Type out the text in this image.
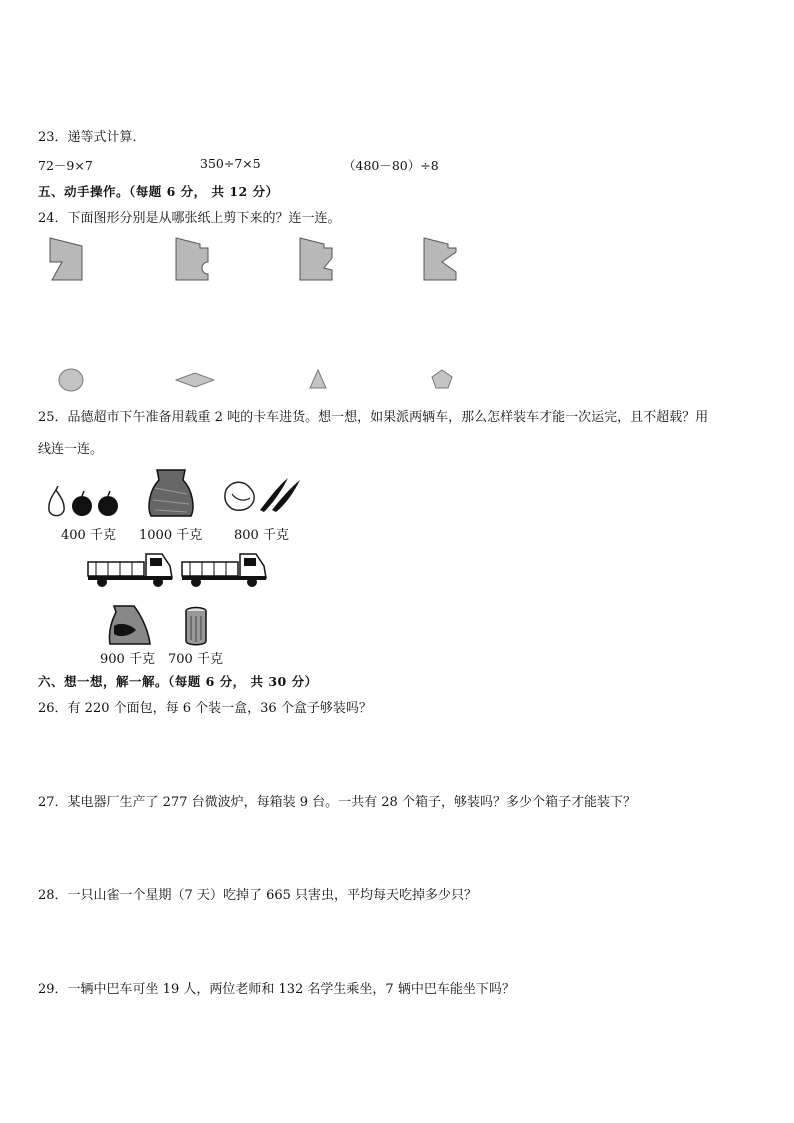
23．递等式计算．
72－9×7	350÷7×5	（480－80）÷8
五、动手操作。（每题 6 分， 共 12 分）
24．下面图形分别是从哪张纸上剪下来的？连一连。
25．品德超市下午准备用载重 2 吨的卡车进货。想一想，如果派两辆车，那么怎样装车才能一次运完，且不超载？用
线连一连。
400 千克 1000 千克 800 千克
900 千克 700 千克
六、想一想，解一解。（每题 6 分， 共 30 分）
26．有 220 个面包，每 6 个装一盒，36 个盒子够装吗？
27．某电器厂生产了 277 台微波炉，每箱装 9 台。一共有 28 个箱子，够装吗？多少个箱子才能装下？
28．一只山雀一个星期（7 天）吃掉了 665 只害虫，平均每天吃掉多少只？
29．一辆中巴车可坐 19 人，两位老师和 132 名学生乘坐，7 辆中巴车能坐下吗？
